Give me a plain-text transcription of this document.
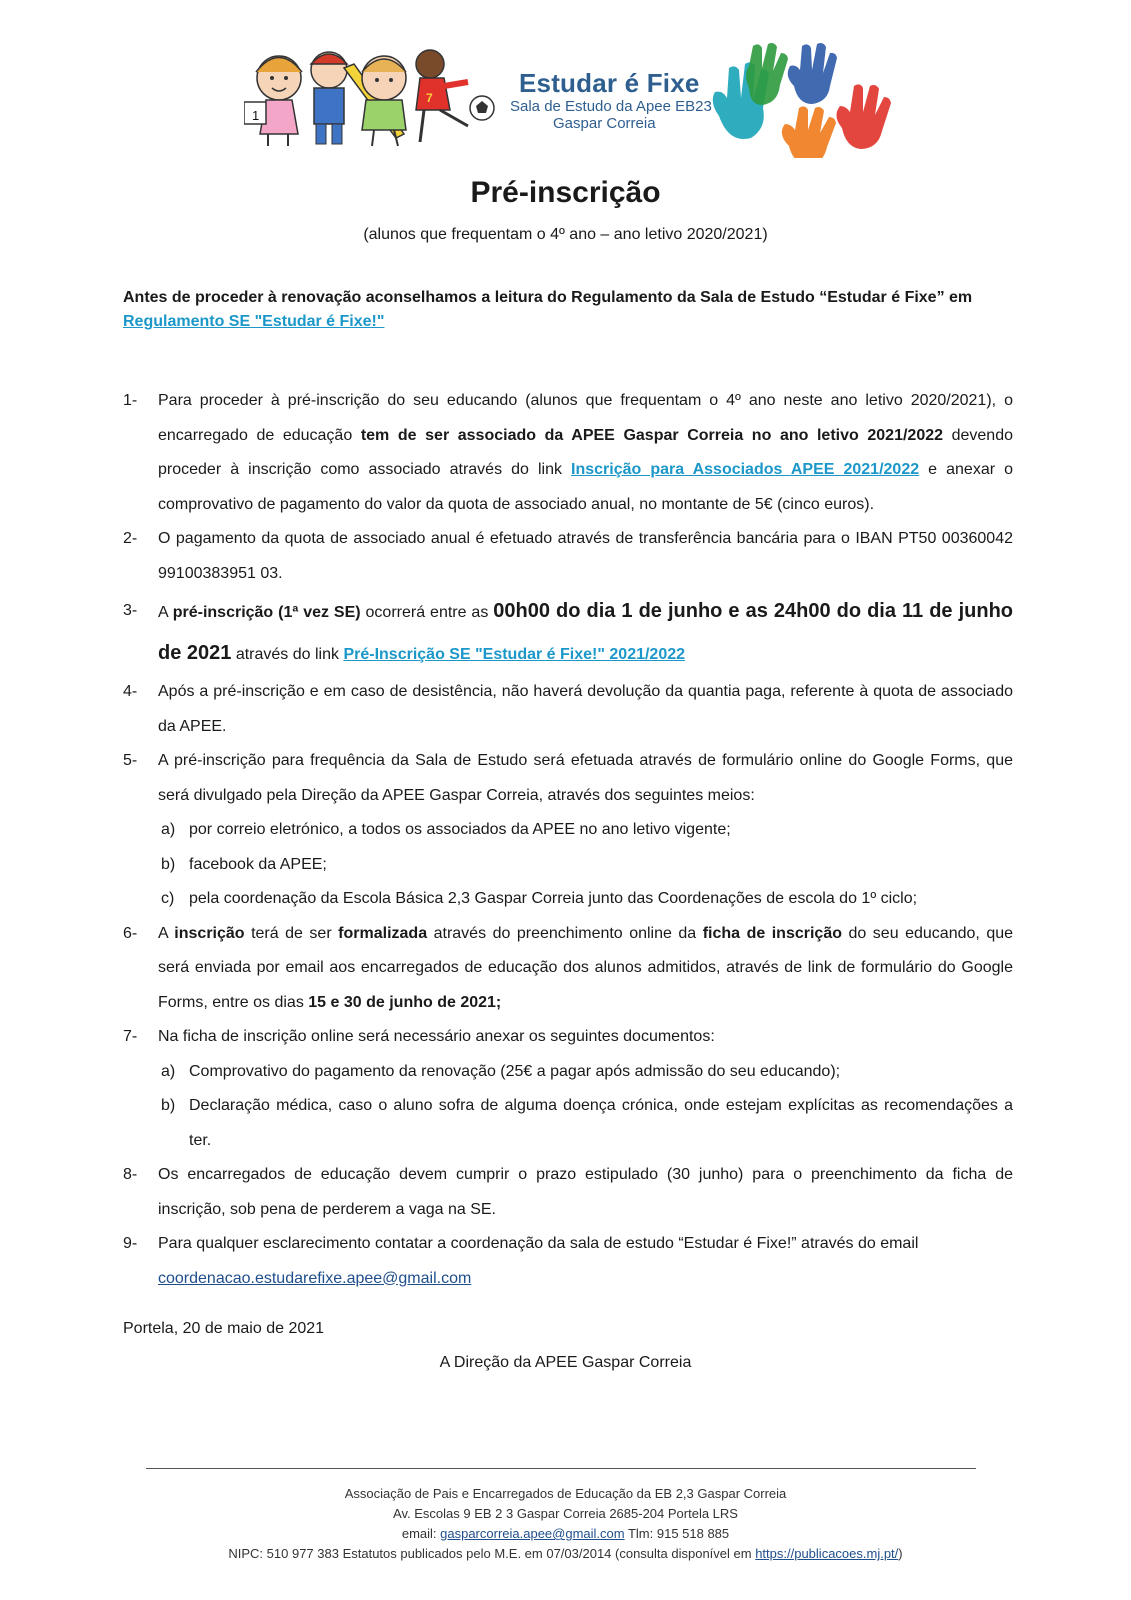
1
7	Estudar é Fixe
Sala de Estudo da Apee EB23
Gaspar Correia
Pré-inscrição
(alunos que frequentam o 4º ano – ano letivo 2020/2021)
Antes de proceder à renovação aconselhamos a leitura do Regulamento da Sala de Estudo “Estudar é Fixe” em
Regulamento SE "Estudar é Fixe!"
1- Para proceder à pré-inscrição do seu educando (alunos que frequentam o 4º ano neste ano letivo 2020/2021), o encarregado de educação tem de ser associado da APEE Gaspar Correia no ano letivo 2021/2022 devendo proceder à inscrição como associado através do link Inscrição para Associados APEE 2021/2022 e anexar o comprovativo de pagamento do valor da quota de associado anual, no montante de 5€ (cinco euros).
2- O pagamento da quota de associado anual é efetuado através de transferência bancária para o IBAN PT50 00360042 99100383951 03.
3- A pré-inscrição (1ª vez SE) ocorrerá entre as 00h00 do dia 1 de junho e as 24h00 do dia 11 de junho de 2021 através do link Pré-Inscrição SE "Estudar é Fixe!" 2021/2022
4- Após a pré-inscrição e em caso de desistência, não haverá devolução da quantia paga, referente à quota de associado da APEE.
5- A pré-inscrição para frequência da Sala de Estudo será efetuada através de formulário online do Google Forms, que será divulgado pela Direção da APEE Gaspar Correia, através dos seguintes meios:
a) por correio eletrónico, a todos os associados da APEE no ano letivo vigente;
b) facebook da APEE;
c) pela coordenação da Escola Básica 2,3 Gaspar Correia junto das Coordenações de escola do 1º ciclo;
6- A inscrição terá de ser formalizada através do preenchimento online da ficha de inscrição do seu educando, que será enviada por email aos encarregados de educação dos alunos admitidos, através de link de formulário do Google Forms, entre os dias 15 e 30 de junho de 2021;
7- Na ficha de inscrição online será necessário anexar os seguintes documentos:
a) Comprovativo do pagamento da renovação (25€ a pagar após admissão do seu educando);
b) Declaração médica, caso o aluno sofra de alguma doença crónica, onde estejam explícitas as recomendações a ter.
8- Os encarregados de educação devem cumprir o prazo estipulado (30 junho) para o preenchimento da ficha de inscrição, sob pena de perderem a vaga na SE.
9- Para qualquer esclarecimento contatar a coordenação da sala de estudo “Estudar é Fixe!” através do email
coordenacao.estudarefixe.apee@gmail.com
Portela, 20 de maio de 2021
A Direção da APEE Gaspar Correia
Associação de Pais e Encarregados de Educação da EB 2,3 Gaspar Correia
Av. Escolas 9 EB 2 3 Gaspar Correia 2685-204 Portela LRS
email: gasparcorreia.apee@gmail.com Tlm: 915 518 885
NIPC: 510 977 383 Estatutos publicados pelo M.E. em 07/03/2014 (consulta disponível em https://publicacoes.mj.pt/)
